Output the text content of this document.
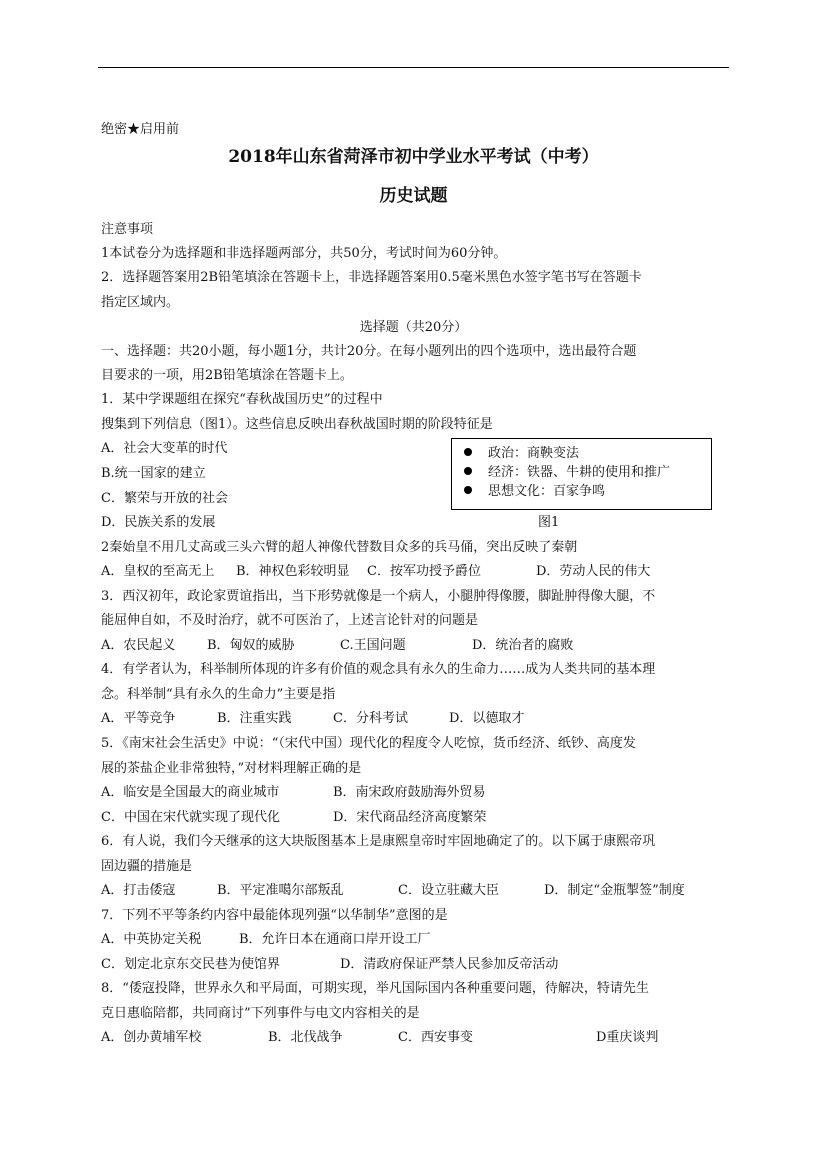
绝密★启用前
2018年山东省菏泽市初中学业水平考试（中考）
历史试题
注意事项
1本试卷分为选择题和非选择题两部分，共50分，考试时间为60分钟。
2．选择题答案用2B铅笔填涂在答题卡上，非选择题答案用0.5毫米黑色水签字笔书写在答题卡
指定区域内。
选择题（共20分）
一、选择题：共20小题，每小题1分，共计20分。在每小题列出的四个选项中，选出最符合题
目要求的一项，用2B铅笔填涂在答题卡上。
1．某中学课题组在探究“春秋战国历史”的过程中
搜集到下列信息（图1）。这些信息反映出春秋战国时期的阶段特征是
A．社会大变革的时代
B.统一国家的建立
C．繁荣与开放的社会
D．民族关系的发展
政治：商鞅变法
经济：铁器、牛耕的使用和推广
思想文化：百家争鸣
图1
2秦始皇不用几丈高或三头六臂的超人神像代替数目众多的兵马俑，突出反映了秦朝
A．皇权的至高无上 B．神权色彩较明显 C．按军功授予爵位	D．劳动人民的伟大
3．西汉初年，政论家贾谊指出，当下形势就像是一个病人，小腿肿得像腰，脚趾肿得像大腿，不
能屈伸自如，不及时治疗，就不可医治了，上述言论针对的问题是
A．农民起义 B．匈奴的威胁	C.王国问题	D．统治者的腐败
4．有学者认为，科举制所体现的许多有价值的观念具有永久的生命力……成为人类共同的基本理
念。科举制“具有永久的生命力”主要是指
A．平等竞争	B．注重实践	C．分科考试	D．以德取才
5．《南宋社会生活史》中说：“（宋代中国）现代化的程度令人吃惊，货币经济、纸钞、高度发
展的茶盐企业非常独特，”对材料理解正确的是
A．临安是全国最大的商业城市	B．南宋政府鼓励海外贸易
C．中国在宋代就实现了现代化	D．宋代商品经济高度繁荣
6．有人说，我们今天继承的这大块版图基本上是康熙皇帝时牢固地确定了的。以下属于康熙帝巩
固边疆的措施是
A．打击倭寇	B．平定准噶尔部叛乱	C．设立驻藏大臣	D．制定“金瓶掣签”制度
7．下列不平等条约内容中最能体现列强“以华制华”意图的是
A．中英协定关税	B．允许日本在通商口岸开设工厂
C．划定北京东交民巷为使馆界	D．清政府保证严禁人民参加反帝活动
8．“倭寇投降，世界永久和平局面，可期实现，举凡国际国内各种重要问题，待解决，特请先生
克日惠临陪都，共同商讨”下列事件与电文内容相关的是
A．创办黄埔军校	B．北伐战争	C．西安事变	D重庆谈判
